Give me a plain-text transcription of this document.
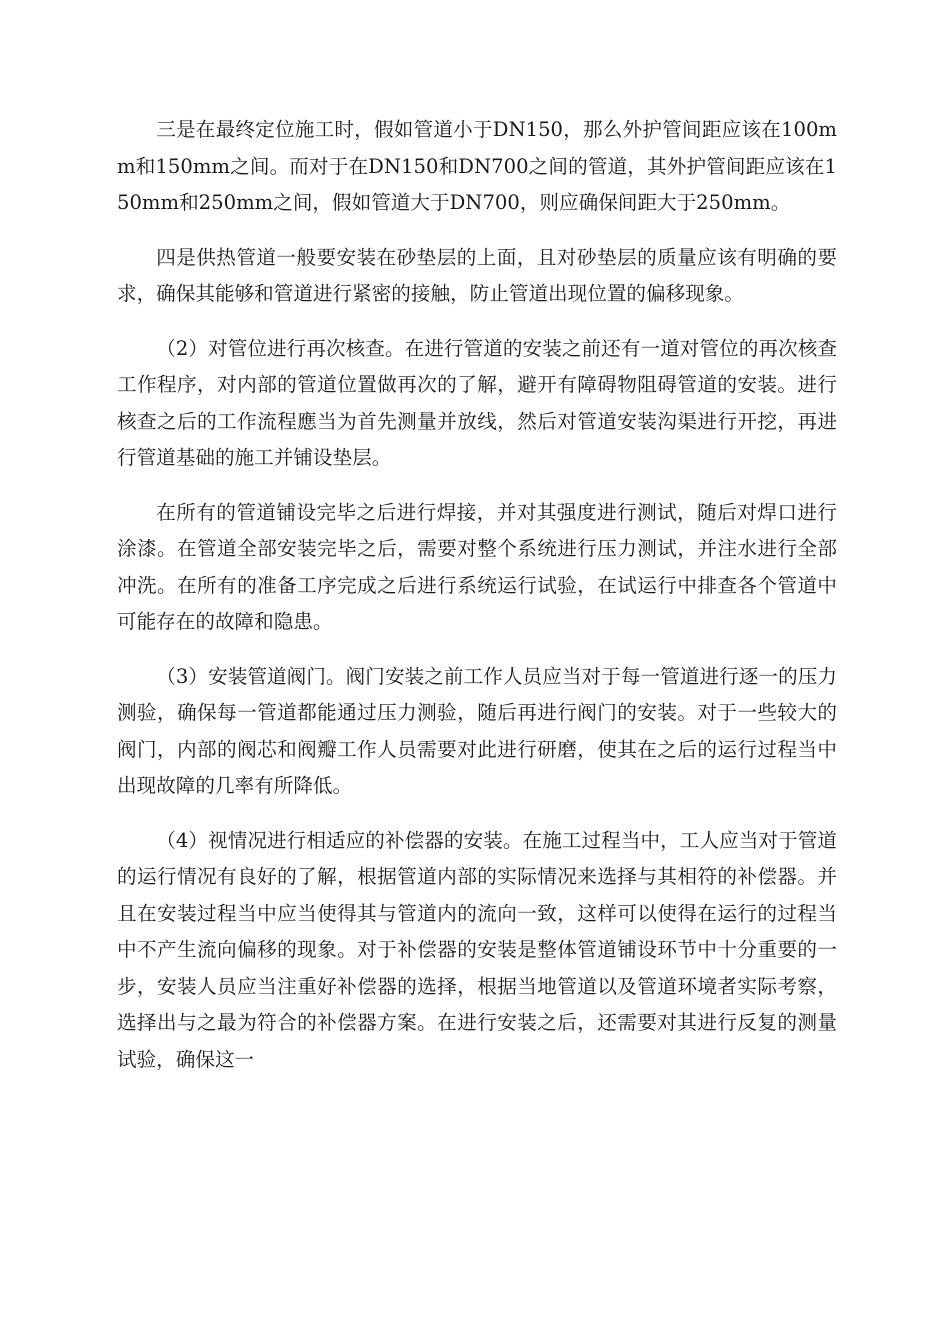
三是在最终定位施工时，假如管道小于DN150，那么外护管间距应该在100mm和150mm之间。而对于在DN150和DN700之间的管道，其外护管间距应该在150mm和250mm之间，假如管道大于DN700，则应确保间距大于250mm。

四是供热管道一般要安装在砂垫层的上面，且对砂垫层的质量应该有明确的要求，确保其能够和管道进行紧密的接触，防止管道出现位置的偏移现象。

（2）对管位进行再次核查。在进行管道的安装之前还有一道对管位的再次核查工作程序，对内部的管道位置做再次的了解，避开有障碍物阻碍管道的安装。进行核查之后的工作流程應当为首先测量并放线，然后对管道安装沟渠进行开挖，再进行管道基础的施工并铺设垫层。

在所有的管道铺设完毕之后进行焊接，并对其强度进行测试，随后对焊口进行涂漆。在管道全部安装完毕之后，需要对整个系统进行压力测试，并注水进行全部冲洗。在所有的准备工序完成之后进行系统运行试验，在试运行中排查各个管道中可能存在的故障和隐患。

（3）安装管道阀门。阀门安装之前工作人员应当对于每一管道进行逐一的压力测验，确保每一管道都能通过压力测验，随后再进行阀门的安装。对于一些较大的阀门，内部的阀芯和阀瓣工作人员需要对此进行研磨，使其在之后的运行过程当中出现故障的几率有所降低。

（4）视情况进行相适应的补偿器的安装。在施工过程当中，工人应当对于管道的运行情况有良好的了解，根据管道内部的实际情况来选择与其相符的补偿器。并且在安装过程当中应当使得其与管道内的流向一致，这样可以使得在运行的过程当中不产生流向偏移的现象。对于补偿器的安装是整体管道铺设环节中十分重要的一步，安装人员应当注重好补偿器的选择，根据当地管道以及管道环境者实际考察，选择出与之最为符合的补偿器方案。在进行安装之后，还需要对其进行反复的测量试验，确保这一
